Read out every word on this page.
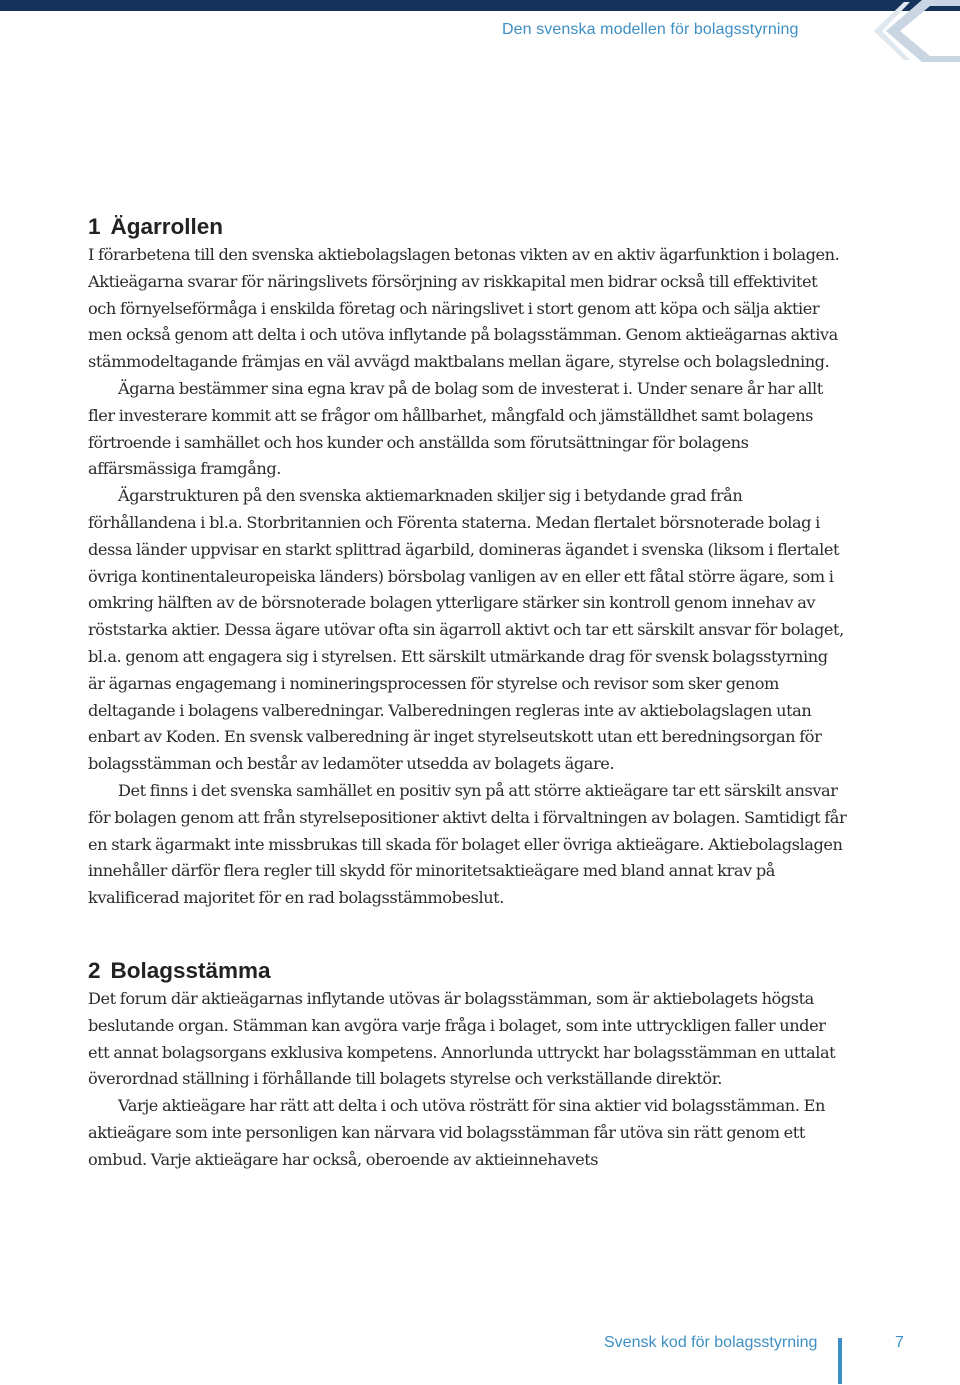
Den svenska modellen för bolagsstyrning
1 Ägarrollen

I förarbetena till den svenska aktiebolagslagen betonas vikten av en aktiv ägarfunktion i bolagen. Aktieägarna svarar för näringslivets försörjning av riskkapital men bidrar också till effektivitet och förnyelseförmåga i enskilda företag och näringslivet i stort genom att köpa och sälja aktier men också genom att delta i och utöva inflytande på bolagsstämman. Genom aktieägarnas aktiva stämmodeltagande främjas en väl avvägd maktbalans mellan ägare, styrelse och bolagsledning.

Ägarna bestämmer sina egna krav på de bolag som de investerat i. Under senare år har allt fler investerare kommit att se frågor om hållbarhet, mångfald och jämställdhet samt bolagens förtroende i samhället och hos kunder och anställda som förutsättningar för bolagens affärsmässiga framgång.

Ägarstrukturen på den svenska aktiemarknaden skiljer sig i betydande grad från förhållandena i bl.a. Storbritannien och Förenta staterna. Medan flertalet börsnoterade bolag i dessa länder uppvisar en starkt splittrad ägarbild, domineras ägandet i svenska (liksom i flertalet övriga kontinentaleuropeiska länders) börsbolag vanligen av en eller ett fåtal större ägare, som i omkring hälften av de börsnoterade bolagen ytterligare stärker sin kontroll genom innehav av röststarka aktier. Dessa ägare utövar ofta sin ägarroll aktivt och tar ett särskilt ansvar för bolaget, bl.a. genom att engagera sig i styrelsen. Ett särskilt utmärkande drag för svensk bolagsstyrning är ägarnas engagemang i nomineringsprocessen för styrelse och revisor som sker genom deltagande i bolagens valberedningar. Valberedningen regleras inte av aktiebolagslagen utan enbart av Koden. En svensk valberedning är inget styrelseutskott utan ett beredningsorgan för bolagsstämman och består av ledamöter utsedda av bolagets ägare.

Det finns i det svenska samhället en positiv syn på att större aktieägare tar ett särskilt ansvar för bolagen genom att från styrelsepositioner aktivt delta i förvaltningen av bolagen. Samtidigt får en stark ägarmakt inte missbrukas till skada för bolaget eller övriga aktieägare. Aktiebolagslagen innehåller därför flera regler till skydd för minoritetsaktieägare med bland annat krav på kvalificerad majoritet för en rad bolagsstämmobeslut.

2 Bolagsstämma

Det forum där aktieägarnas inflytande utövas är bolagsstämman, som är aktiebolagets högsta beslutande organ. Stämman kan avgöra varje fråga i bolaget, som inte uttryckligen faller under ett annat bolagsorgans exklusiva kompetens. Annorlunda uttryckt har bolagsstämman en uttalat överordnad ställning i förhållande till bolagets styrelse och verkställande direktör.

Varje aktieägare har rätt att delta i och utöva rösträtt för sina aktier vid bolagsstämman. En aktieägare som inte personligen kan närvara vid bolagsstämman får utöva sin rätt genom ett ombud. Varje aktieägare har också, oberoende av aktieinnehavets

Svensk kod för bolagsstyrning	7
